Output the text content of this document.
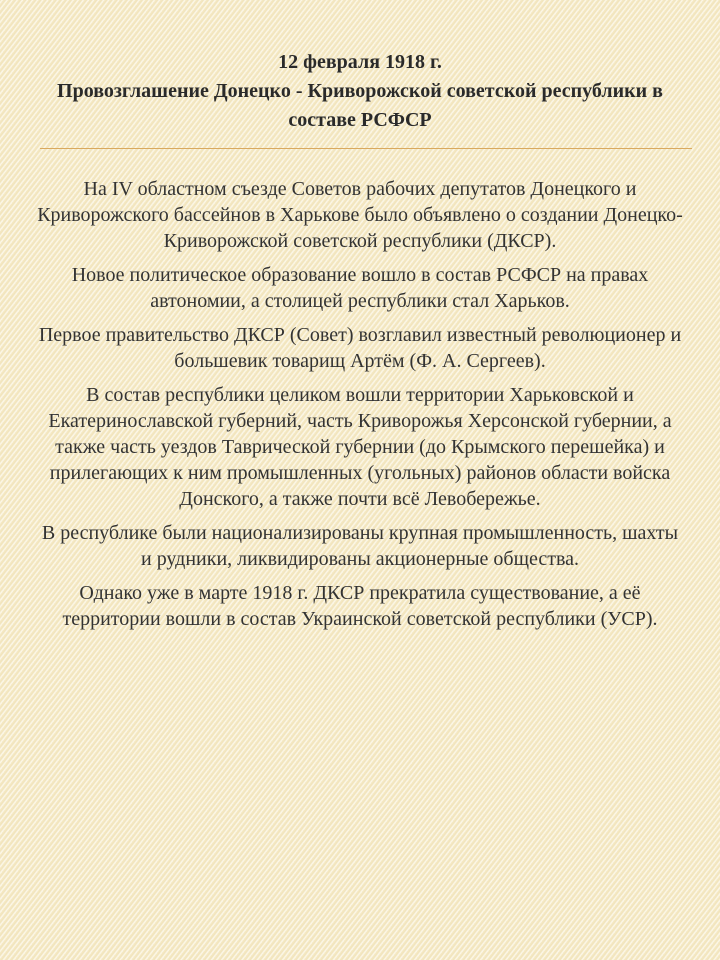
12 февраля 1918 г.
Провозглашение Донецко - Криворожской советской республики в составе РСФСР

На IV областном съезде Советов рабочих депутатов Донецкого и Криворожского бассейнов в Харькове было объявлено о создании Донецко-Криворожской советской республики (ДКСР).

Новое политическое образование вошло в состав РСФСР на правах автономии, а столицей республики стал Харьков.

Первое правительство ДКСР (Совет) возглавил известный революционер и большевик товарищ Артём (Ф. А. Сергеев).

В состав республики целиком вошли территории Харьковской и Екатеринославской губерний, часть Криворожья Херсонской губернии, а также часть уездов Таврической губернии (до Крымского перешейка) и прилегающих к ним промышленных (угольных) районов области войска Донского, а также почти всё Левобережье.

В республике были национализированы крупная промышленность, шахты и рудники, ликвидированы акционерные общества.

Однако уже в марте 1918 г. ДКСР прекратила существование, а её территории вошли в состав Украинской советской республики (УСР).
